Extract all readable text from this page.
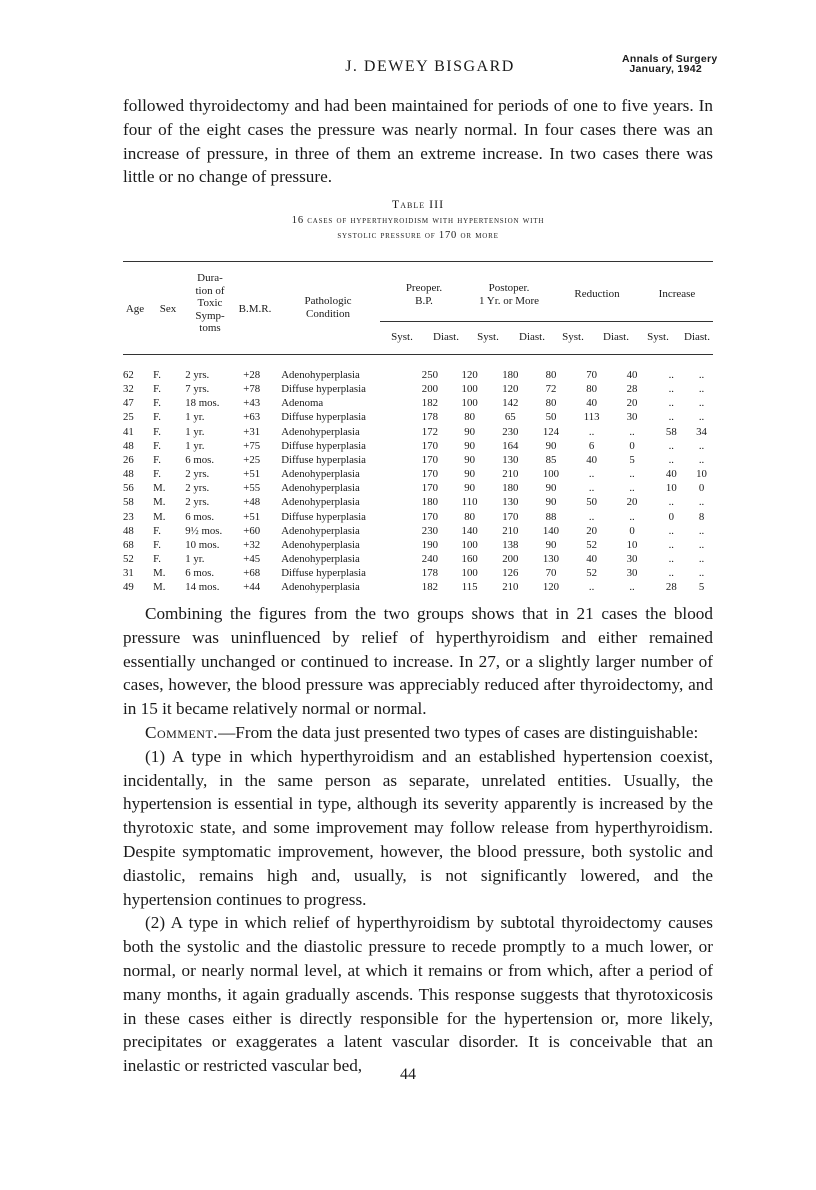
J. DEWEY BISGARD	Annals of Surgery
January, 1942

followed thyroidectomy and had been maintained for periods of one to five years. In four of the eight cases the pressure was nearly normal. In four cases there was an increase of pressure, in three of them an extreme increase. In two cases there was little or no change of pressure.

Table III
16 cases of hyperthyroidism with hypertension with
systolic pressure of 170 or more
Age	Sex
Dura-
tion of
Toxic
Symp-
toms
B.M.R.
Pathologic
Condition
Preoper.
B.P.
Postoper.
1 Yr. or More
Reduction	Increase
Syst.	Diast.	Syst.	Diast.	Syst.	Diast.	Syst.	Diast.
62	F.	2 yrs.	+28	Adenohyperplasia	250	120	180	80	70	40	..	..
32	F.	7 yrs.	+78	Diffuse hyperplasia	200	100	120	72	80	28	..	..
47	F.	18 mos.	+43	Adenoma	182	100	142	80	40	20	..	..
25	F.	1 yr.	+63	Diffuse hyperplasia	178	80	65	50	113	30	..	..
41	F.	1 yr.	+31	Adenohyperplasia	172	90	230	124	..	..	58	34
48	F.	1 yr.	+75	Diffuse hyperplasia	170	90	164	90	6	0	..	..
26	F.	6 mos.	+25	Diffuse hyperplasia	170	90	130	85	40	5	..	..
48	F.	2 yrs.	+51	Adenohyperplasia	170	90	210	100	..	..	40	10
56	M.	2 yrs.	+55	Adenohyperplasia	170	90	180	90	..	..	10	0
58	M.	2 yrs.	+48	Adenohyperplasia	180	110	130	90	50	20	..	..
23	M.	6 mos.	+51	Diffuse hyperplasia	170	80	170	88	..	..	0	8
48	F.	9½ mos.	+60	Adenohyperplasia	230	140	210	140	20	0	..	..
68	F.	10 mos.	+32	Adenohyperplasia	190	100	138	90	52	10	..	..
52	F.	1 yr.	+45	Adenohyperplasia	240	160	200	130	40	30	..	..
31	M.	6 mos.	+68	Diffuse hyperplasia	178	100	126	70	52	30	..	..
49	M.	14 mos.	+44	Adenohyperplasia	182	115	210	120	..	..	28	5

Combining the figures from the two groups shows that in 21 cases the blood pressure was uninfluenced by relief of hyperthyroidism and either remained essentially unchanged or continued to increase. In 27, or a slightly larger number of cases, however, the blood pressure was appreciably reduced after thyroidectomy, and in 15 it became relatively normal or normal.

Comment.—From the data just presented two types of cases are distinguishable:

(1) A type in which hyperthyroidism and an established hypertension coexist, incidentally, in the same person as separate, unrelated entities. Usually, the hypertension is essential in type, although its severity apparently is increased by the thyrotoxic state, and some improvement may follow release from hyperthyroidism. Despite symptomatic improvement, however, the blood pressure, both systolic and diastolic, remains high and, usually, is not significantly lowered, and the hypertension continues to progress.

(2) A type in which relief of hyperthyroidism by subtotal thyroidectomy causes both the systolic and the diastolic pressure to recede promptly to a much lower, or normal, or nearly normal level, at which it remains or from which, after a period of many months, it again gradually ascends. This response suggests that thyrotoxicosis in these cases either is directly responsible for the hypertension or, more likely, precipitates or exaggerates a latent vascular disorder. It is conceivable that an inelastic or restricted vascular bed,	44
